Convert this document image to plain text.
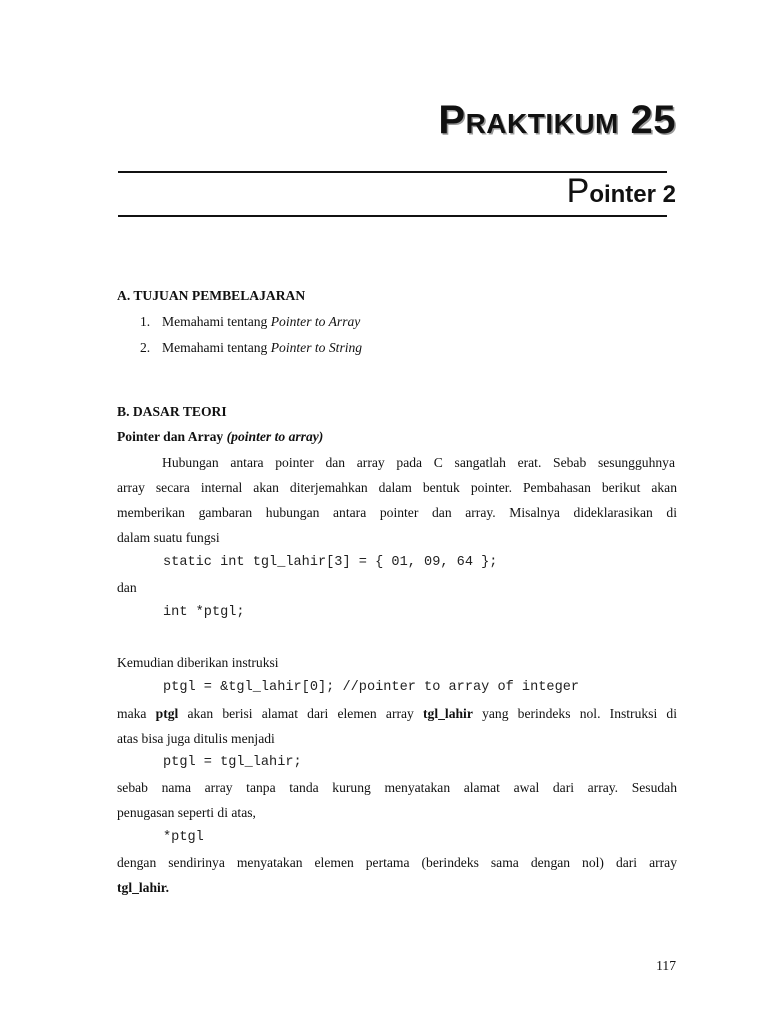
Praktikum 25
Pointer 2
A. TUJUAN PEMBELAJARAN
1. Memahami tentang Pointer to Array
2. Memahami tentang Pointer to String
B. DASAR TEORI
Pointer dan Array (pointer to array)
Hubungan antara pointer dan array pada C sangatlah erat. Sebab sesungguhnya
array secara internal akan diterjemahkan dalam bentuk pointer. Pembahasan berikut akan
memberikan gambaran hubungan antara pointer dan array. Misalnya dideklarasikan di
dalam suatu fungsi
static int tgl_lahir[3] = { 01, 09, 64 };
dan
int *ptgl;
Kemudian diberikan instruksi
ptgl = &tgl_lahir[0]; //pointer to array of integer
maka ptgl akan berisi alamat dari elemen array tgl_lahir yang berindeks nol. Instruksi di
atas bisa juga ditulis menjadi
ptgl = tgl_lahir;
sebab nama array tanpa tanda kurung menyatakan alamat awal dari array. Sesudah
penugasan seperti di atas,
*ptgl
dengan sendirinya menyatakan elemen pertama (berindeks sama dengan nol) dari array
tgl_lahir.
117
